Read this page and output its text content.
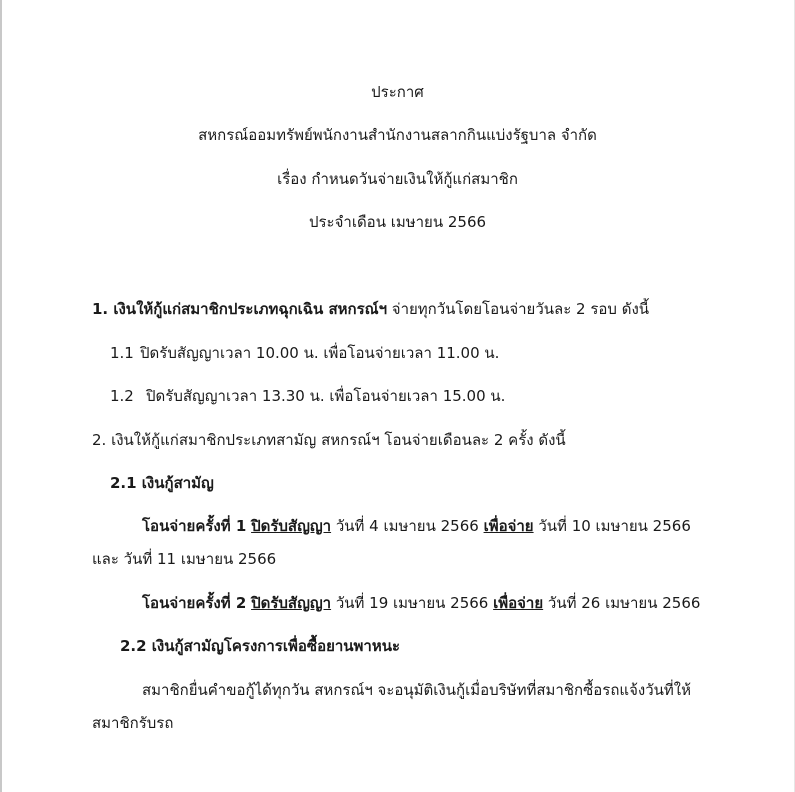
ประกาศ
สหกรณ์ออมทรัพย์พนักงานสำนักงานสลากกินแบ่งรัฐบาล จำกัด
เรื่อง กำหนดวันจ่ายเงินให้กู้แก่สมาชิก
ประจำเดือน เมษายน 2566
1. เงินให้กู้แก่สมาชิกประเภทฉุกเฉิน สหกรณ์ฯ จ่ายทุกวันโดยโอนจ่ายวันละ 2 รอบ ดังนี้
1.1 ปิดรับสัญญาเวลา 10.00 น. เพื่อโอนจ่ายเวลา 11.00 น.
1.2 ปิดรับสัญญาเวลา 13.30 น. เพื่อโอนจ่ายเวลา 15.00 น.
2. เงินให้กู้แก่สมาชิกประเภทสามัญ สหกรณ์ฯ โอนจ่ายเดือนละ 2 ครั้ง ดังนี้
2.1 เงินกู้สามัญ
โอนจ่ายครั้งที่ 1 ปิดรับสัญญา วันที่ 4 เมษายน 2566 เพื่อจ่าย วันที่ 10 เมษายน 2566
และ วันที่ 11 เมษายน 2566
โอนจ่ายครั้งที่ 2 ปิดรับสัญญา วันที่ 19 เมษายน 2566 เพื่อจ่าย วันที่ 26 เมษายน 2566
2.2 เงินกู้สามัญโครงการเพื่อซื้อยานพาหนะ
สมาชิกยื่นคำขอกู้ได้ทุกวัน สหกรณ์ฯ จะอนุมัติเงินกู้เมื่อบริษัทที่สมาชิกซื้อรถแจ้งวันที่ให้
สมาชิกรับรถ
